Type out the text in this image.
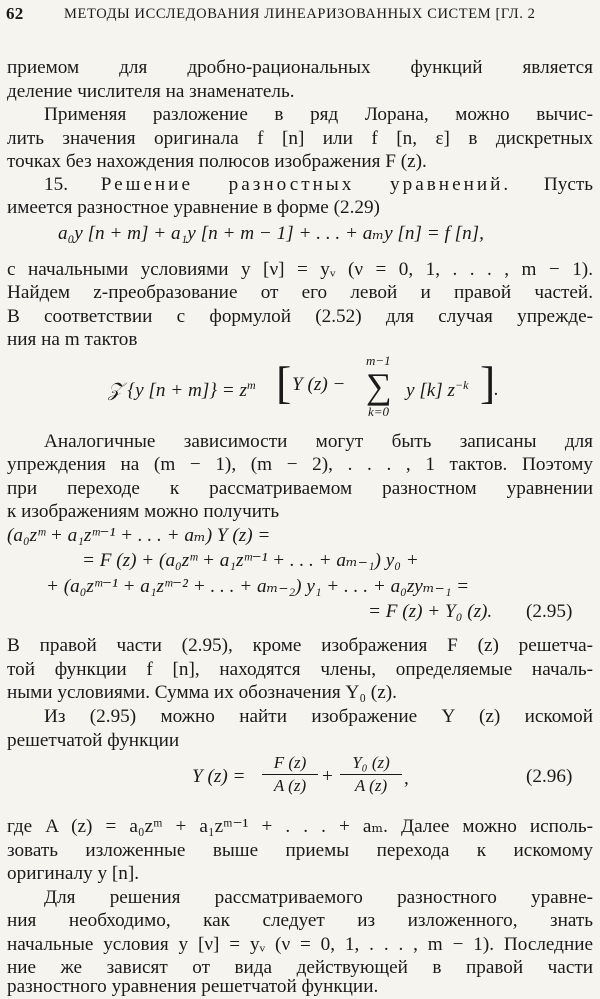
62	МЕТОДЫ ИССЛЕДОВАНИЯ ЛИНЕАРИЗОВАННЫХ СИСТЕМ [ГЛ. 2
приемом для дробно-рациональных функций является
деление числителя на знаменатель.
Применяя разложение в ряд Лорана, можно вычис-
лить значения оригинала f [n] или f [n, ε] в дискретных
точках без нахождения полюсов изображения F (z).
15. Решение разностных уравнений. Пусть
имеется разностное уравнение в форме (2.29)
a₀y [n + m] + a₁y [n + m − 1] + . . . + aₘy [n] = f [n],
с начальными условиями y [ν] = yᵥ (ν = 0, 1, . . . , m − 1).
Найдем z-преобразование от его левой и правой частей.
В соответствии с формулой (2.52) для случая упрежде-
ния на m тактов
𝒵 {y $[n + m]\} = z^m$ [ Y (z) −
m−1
∑
k=0
y [k] $z^{-k}$ ]
.
Аналогичные зависимости могут быть записаны для
упреждения на (m − 1), (m − 2), . . . , 1 тактов. Поэтому
при переходе к рассматриваемом разностном уравнении
к изображениям можно получить
(a₀zᵐ + a₁zᵐ⁻¹ + . . . + aₘ) Y (z) =
= F (z) + (a₀zᵐ + a₁zᵐ⁻¹ + . . . + aₘ₋₁) y₀ +
+ (a₀zᵐ⁻¹ + a₁zᵐ⁻² + . . . + aₘ₋₂) y₁ + . . . + a₀zyₘ₋₁ =
= F (z) + Y₀ (z). (2.95)
В правой части (2.95), кроме изображения F (z) решетча-
той функции f [n], находятся члены, определяемые началь-
ными условиями. Сумма их обозначения Y₀ (z).
Из (2.95) можно найти изображение Y (z) искомой
решетчатой функции
Y $(z) = \frac{F (z)}{A (z)} + \frac{\text{Y₀ (z)}}{A (z)}$ ,	(2.96)
где A (z) = a₀zᵐ + a₁zᵐ⁻¹ + . . . + aₘ. Далее можно исполь-
зовать изложенные выше приемы перехода к искомому
оригиналу y [n].
Для решения рассматриваемого разностного уравне-
ния необходимо, как следует из изложенного, знать
начальные условия y [ν] = yᵥ (ν = 0, 1, . . . , m − 1). Последние
ние же зависят от вида действующей в правой части
разностного уравнения решетчатой функции.
